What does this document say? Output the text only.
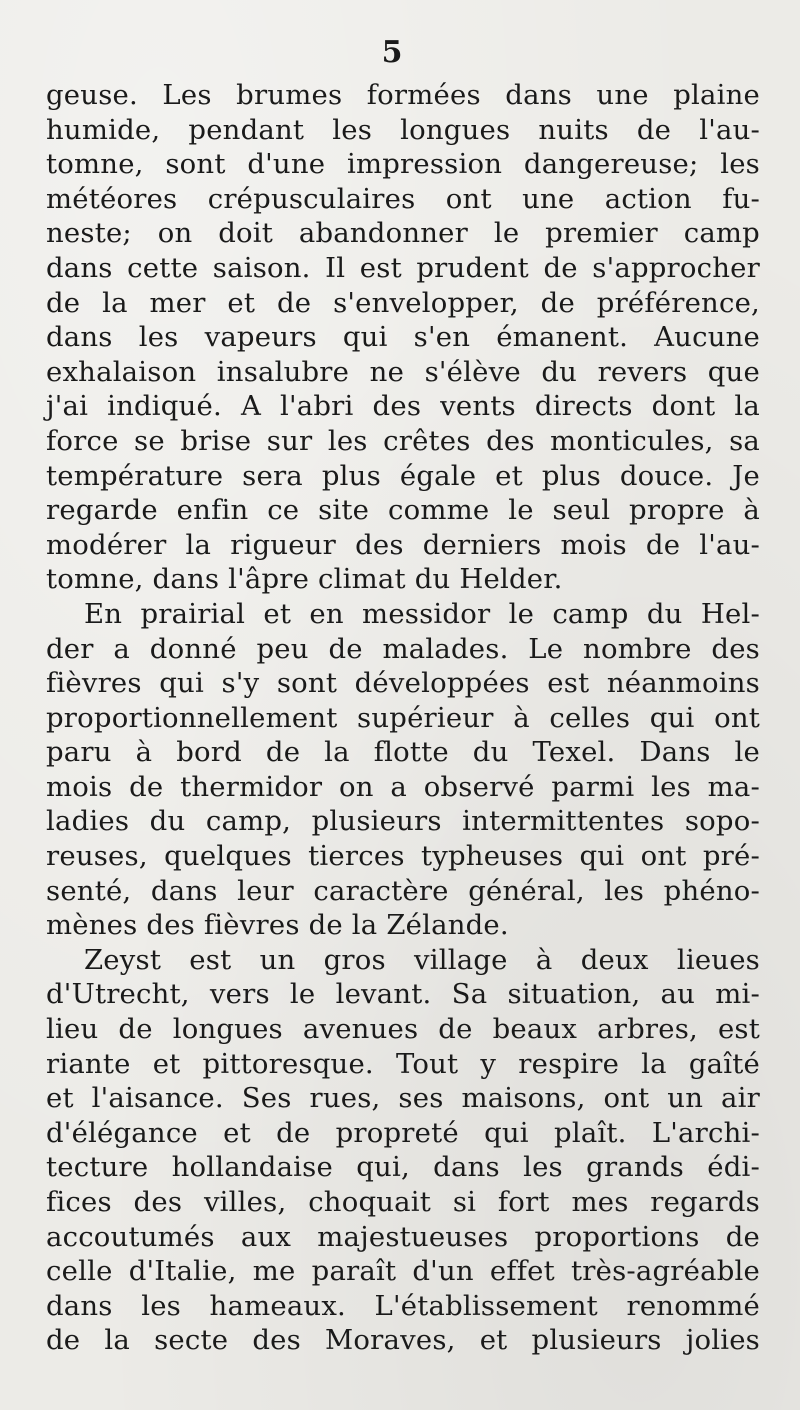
5
geuse. Les brumes formées dans une plaine
humide, pendant les longues nuits de l'au-
tomne, sont d'une impression dangereuse; les
météores crépusculaires ont une action fu-
neste; on doit abandonner le premier camp
dans cette saison. Il est prudent de s'approcher
de la mer et de s'envelopper, de préférence,
dans les vapeurs qui s'en émanent. Aucune
exhalaison insalubre ne s'élève du revers que
j'ai indiqué. A l'abri des vents directs dont la
force se brise sur les crêtes des monticules, sa
température sera plus égale et plus douce. Je
regarde enfin ce site comme le seul propre à
modérer la rigueur des derniers mois de l'au-
tomne, dans l'âpre climat du Helder.
En prairial et en messidor le camp du Hel-
der a donné peu de malades. Le nombre des
fièvres qui s'y sont développées est néanmoins
proportionnellement supérieur à celles qui ont
paru à bord de la flotte du Texel. Dans le
mois de thermidor on a observé parmi les ma-
ladies du camp, plusieurs intermittentes sopo-
reuses, quelques tierces typheuses qui ont pré-
senté, dans leur caractère général, les phéno-
mènes des fièvres de la Zélande.
Zeyst est un gros village à deux lieues
d'Utrecht, vers le levant. Sa situation, au mi-
lieu de longues avenues de beaux arbres, est
riante et pittoresque. Tout y respire la gaîté
et l'aisance. Ses rues, ses maisons, ont un air
d'élégance et de propreté qui plaît. L'archi-
tecture hollandaise qui, dans les grands édi-
fices des villes, choquait si fort mes regards
accoutumés aux majestueuses proportions de
celle d'Italie, me paraît d'un effet très-agréable
dans les hameaux. L'établissement renommé
de la secte des Moraves, et plusieurs jolies
